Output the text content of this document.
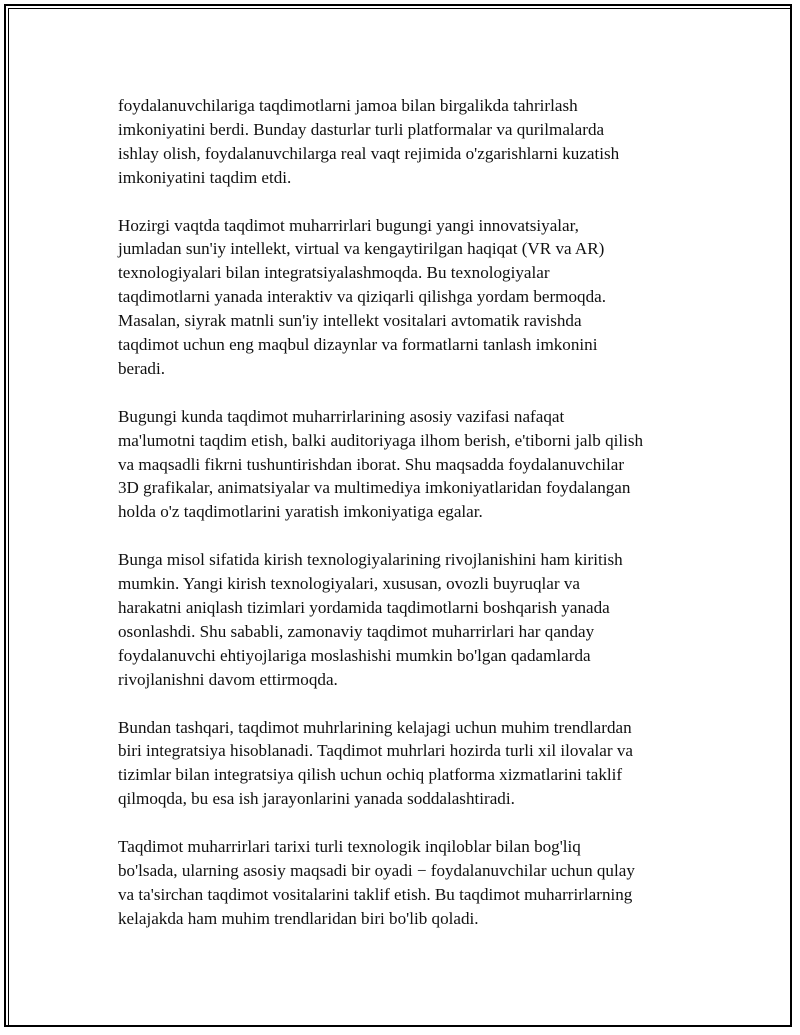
foydalanuvchilariga taqdimotlarni jamoa bilan birgalikda tahrirlash
imkoniyatini berdi. Bunday dasturlar turli platformalar va qurilmalarda
ishlay olish, foydalanuvchilarga real vaqt rejimida o'zgarishlarni kuzatish
imkoniyatini taqdim etdi.

Hozirgi vaqtda taqdimot muharrirlari bugungi yangi innovatsiyalar,
jumladan sun'iy intellekt, virtual va kengaytirilgan haqiqat (VR va AR)
texnologiyalari bilan integratsiyalashmoqda. Bu texnologiyalar
taqdimotlarni yanada interaktiv va qiziqarli qilishga yordam bermoqda.
Masalan, siyrak matnli sun'iy intellekt vositalari avtomatik ravishda
taqdimot uchun eng maqbul dizaynlar va formatlarni tanlash imkonini
beradi.

Bugungi kunda taqdimot muharrirlarining asosiy vazifasi nafaqat
ma'lumotni taqdim etish, balki auditoriyaga ilhom berish, e'tiborni jalb qilish
va maqsadli fikrni tushuntirishdan iborat. Shu maqsadda foydalanuvchilar
3D grafikalar, animatsiyalar va multimediya imkoniyatlaridan foydalangan
holda o'z taqdimotlarini yaratish imkoniyatiga egalar.

Bunga misol sifatida kirish texnologiyalarining rivojlanishini ham kiritish
mumkin. Yangi kirish texnologiyalari, xususan, ovozli buyruqlar va
harakatni aniqlash tizimlari yordamida taqdimotlarni boshqarish yanada
osonlashdi. Shu sababli, zamonaviy taqdimot muharrirlari har qanday
foydalanuvchi ehtiyojlariga moslashishi mumkin bo'lgan qadamlarda
rivojlanishni davom ettirmoqda.

Bundan tashqari, taqdimot muhrlarining kelajagi uchun muhim trendlardan
biri integratsiya hisoblanadi. Taqdimot muhrlari hozirda turli xil ilovalar va
tizimlar bilan integratsiya qilish uchun ochiq platforma xizmatlarini taklif
qilmoqda, bu esa ish jarayonlarini yanada soddalashtiradi.

Taqdimot muharrirlari tarixi turli texnologik inqiloblar bilan bog'liq
bo'lsada, ularning asosiy maqsadi bir oyadi − foydalanuvchilar uchun qulay
va ta'sirchan taqdimot vositalarini taklif etish. Bu taqdimot muharrirlarning
kelajakda ham muhim trendlaridan biri bo'lib qoladi.
